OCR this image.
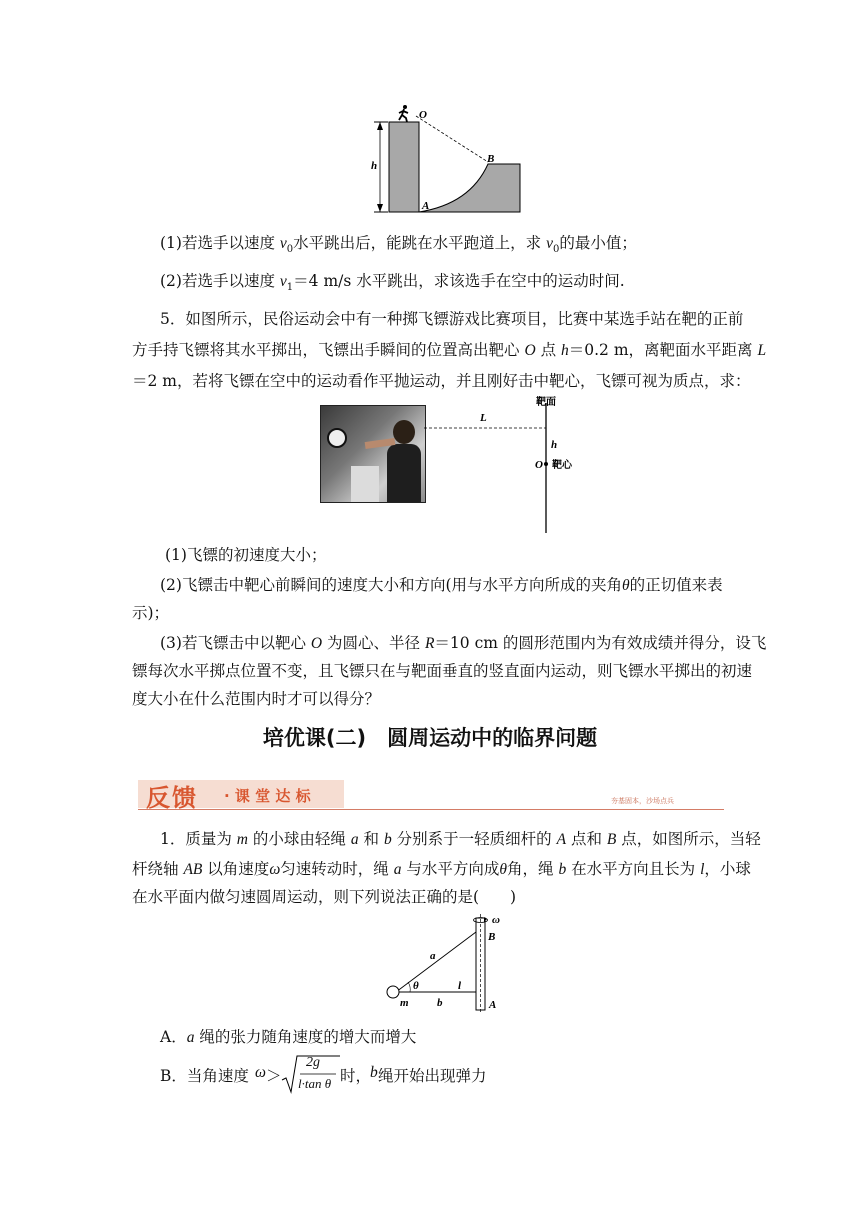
O
B
A
h
(1)若选手以速度 $v_0$水平跳出后，能跳在水平跑道上，求 $v_0$的最小值；
(2)若选手以速度 $v_1=4$ m/s 水平跳出，求该选手在空中的运动时间.
5．如图所示，民俗运动会中有一种掷飞镖游戏比赛项目，比赛中某选手站在靶的正前
方手持飞镖将其水平掷出，飞镖出手瞬间的位置高出靶心 O 点 h＝0.2 m，离靶面水平距离 L
＝2 m，若将飞镖在空中的运动看作平抛运动，并且刚好击中靶心，飞镖可视为质点，求：
L
靶面
h
O 靶心
(1)飞镖的初速度大小；
(2)飞镖击中靶心前瞬间的速度大小和方向(用与水平方向所成的夹角θ的正切值来表
示)；
(3)若飞镖击中以靶心 O 为圆心、半径 R＝10 cm 的圆形范围内为有效成绩并得分，设飞
镖每次水平掷点位置不变，且飞镖只在与靶面垂直的竖直面内运动，则飞镖水平掷出的初速
度大小在什么范围内时才可以得分？
培优课(二)　圆周运动中的临界问题
反馈 · 课 堂 达 标	夯基固本，沙场点兵
1．质量为 m 的小球由轻绳 a 和 b 分别系于一轻质细杆的 A 点和 B 点，如图所示，当轻
杆绕轴 AB 以角速度ω匀速转动时，绳 a 与水平方向成θ角，绳 b 在水平方向且长为 l，小球
在水平面内做匀速圆周运动，则下列说法正确的是(　　)
ω
B
a
θ	l
m	b	A
A．a 绳的张力随角速度的增大而增大
B．当角速度 ω ＞
2g
l·tan θ 时，
b 绳开始出现弹力
